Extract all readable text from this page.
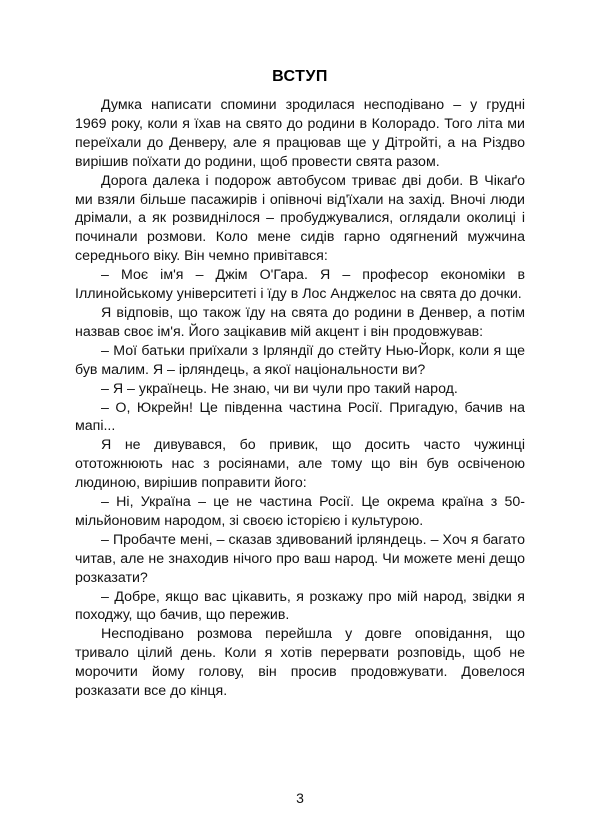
ВСТУП

Думка написати спомини зродилася несподівано – у грудні 1969 року, коли я їхав на свято до родини в Колорадо. Того літа ми переїхали до Денверу, але я працював ще у Дітройті, а на Різдво вирішив поїхати до родини, щоб провести свята разом.

Дорога далека і подорож автобусом триває дві доби. В Чікаґо ми взяли більше пасажирів і опівночі від'їхали на захід. Вночі люди дрімали, а як розвиднілося – пробуджувалися, оглядали околиці і починали розмови. Коло мене сидів гарно одягнений мужчина середнього віку. Він чемно привітався:

– Моє ім'я – Джім О'Гара. Я – професор економіки в Іллинойському університеті і їду в Лос Анджелос на свята до дочки.

Я відповів, що також їду на свята до родини в Денвер, а потім назвав своє ім'я. Його зацікавив мій акцент і він продовжував:

– Мої батьки приїхали з Ірляндії до стейту Нью-Йорк, коли я ще був малим. Я – ірляндець, а якої національности ви?

– Я – українець. Не знаю, чи ви чули про такий народ.

– О, Юкрейн! Це південна частина Росії. Пригадую, бачив на мапі...

Я не дивувався, бо привик, що досить часто чужинці ототожнюють нас з росіянами, але тому що він був освіченою людиною, вирішив поправити його:

– Ні, Україна – це не частина Росії. Це окрема країна з 50-мільйоновим народом, зі своєю історією і культурою.

– Пробачте мені, – сказав здивований ірляндець. – Хоч я багато читав, але не знаходив нічого про ваш народ. Чи можете мені дещо розказати?

– Добре, якщо вас цікавить, я розкажу про мій народ, звідки я походжу, що бачив, що пережив.

Несподівано розмова перейшла у довге оповідання, що тривало цілий день. Коли я хотів перервати розповідь, щоб не морочити йому голову, він просив продовжувати. Довелося розказати все до кінця.

3
